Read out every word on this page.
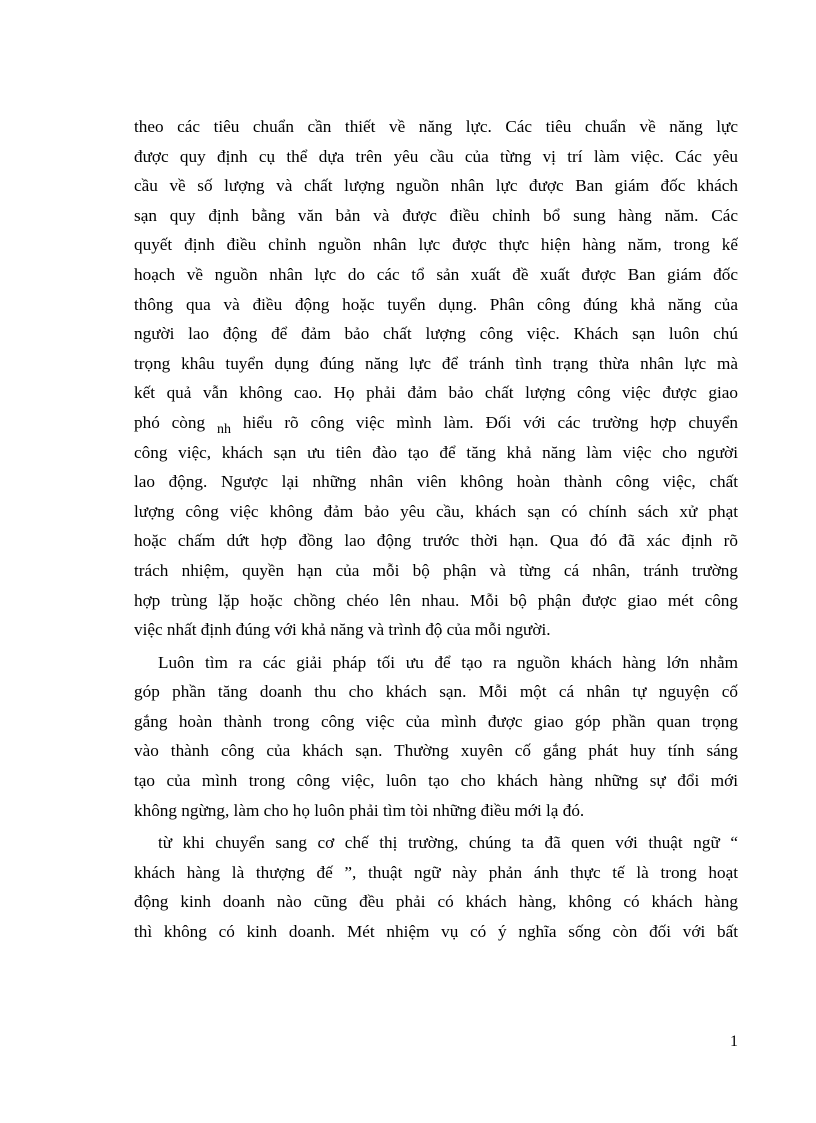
theo các tiêu chuẩn cần thiết về năng lực. Các tiêu chuẩn về năng lực
được quy định cụ thể dựa trên yêu cầu của từng vị trí làm việc. Các yêu
cầu về số lượng và chất lượng nguồn nhân lực được Ban giám đốc khách
sạn quy định bằng văn bản và được điều chỉnh bổ sung hàng năm. Các
quyết định điều chỉnh nguồn nhân lực được thực hiện hàng năm, trong kế
hoạch về nguồn nhân lực do các tổ sản xuất đề xuất được Ban giám đốc
thông qua và điều động hoặc tuyển dụng. Phân công đúng khả năng của
người lao động để đảm bảo chất lượng công việc. Khách sạn luôn chú
trọng khâu tuyển dụng đúng năng lực để tránh tình trạng thừa nhân lực mà
kết quả vẫn không cao. Họ phải đảm bảo chất lượng công việc được giao
phó còng $_{nh}$ hiểu rõ công việc mình làm. Đối với các trường hợp chuyển
công việc, khách sạn ưu tiên đào tạo để tăng khả năng làm việc cho người
lao động. Ngược lại những nhân viên không hoàn thành công việc, chất
lượng công việc không đảm bảo yêu cầu, khách sạn có chính sách xử phạt
hoặc chấm dứt hợp đồng lao động trước thời hạn. Qua đó đã xác định rõ
trách nhiệm, quyền hạn của mỗi bộ phận và từng cá nhân, tránh trường
hợp trùng lặp hoặc chồng chéo lên nhau. Mỗi bộ phận được giao mét công
việc nhất định đúng với khả năng và trình độ của mỗi người.
Luôn tìm ra các giải pháp tối ưu để tạo ra nguồn khách hàng lớn nhằm
góp phần tăng doanh thu cho khách sạn. Mỗi một cá nhân tự nguyện cố
gắng hoàn thành trong công việc của mình được giao góp phần quan trọng
vào thành công của khách sạn. Thường xuyên cố gắng phát huy tính sáng
tạo của mình trong công việc, luôn tạo cho khách hàng những sự đổi mới
không ngừng, làm cho họ luôn phải tìm tòi những điều mới lạ đó.
từ khi chuyển sang cơ chế thị trường, chúng ta đã quen với thuật ngữ “
khách hàng là thượng đế ”, thuật ngữ này phản ánh thực tế là trong hoạt
động kinh doanh nào cũng đều phải có khách hàng, không có khách hàng
thì không có kinh doanh. Mét nhiệm vụ có ý nghĩa sống còn đối với bất
1
